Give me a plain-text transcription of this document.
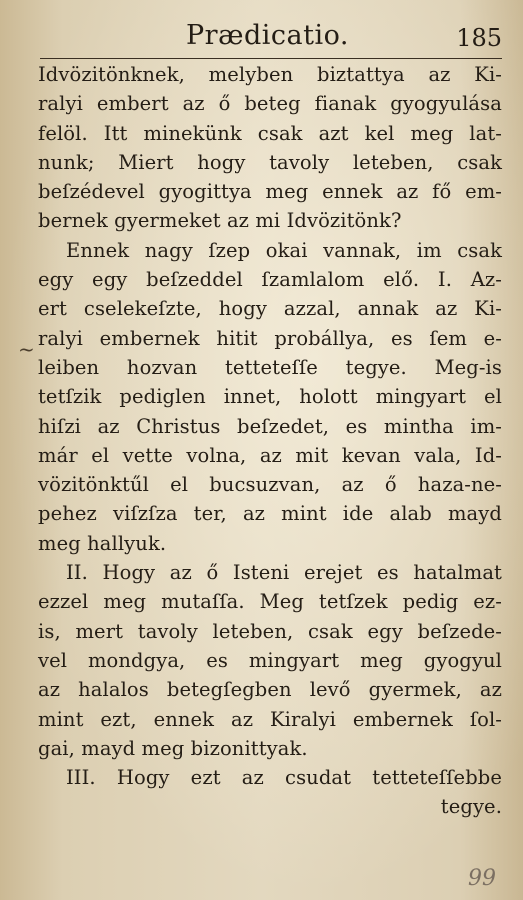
Prædicatio.	185
~
Idvözitönknek, melyben biztattya az Ki-
ralyi embert az ő beteg fianak gyogyulása
felöl. Itt minekünk csak azt kel meg lat-
nunk; Miert hogy tavoly leteben, csak
beſzédevel gyogittya meg ennek az fő em-
bernek gyermeket az mi Idvözitönk?
Ennek nagy ſzep okai vannak, im csak
egy egy beſzeddel ſzamlalom elő. I. Az-
ert cselekeſzte, hogy azzal, annak az Ki-
ralyi embernek hitit probállya, es ſem e-
leiben hozvan tetteteſſe tegye. Meg-is
tetſzik pediglen innet, holott mingyart el
hiſzi az Christus beſzedet, es mintha im-
már el vette volna, az mit kevan vala, Id-
vözitönktűl el bucsuzvan, az ő haza-ne-
pehez viſzſza ter, az mint ide alab mayd
meg hallyuk.
II. Hogy az ő Isteni erejet es hatalmat
ezzel meg mutaſſa. Meg tetſzek pedig ez-
is, mert tavoly leteben, csak egy beſzede-
vel mondgya, es mingyart meg gyogyul
az halalos betegſegben levő gyermek, az
mint ezt, ennek az Kiralyi embernek ſol-
gai, mayd meg bizonittyak.
III. Hogy ezt az csudat tetteteſſebbe
tegye.
99
